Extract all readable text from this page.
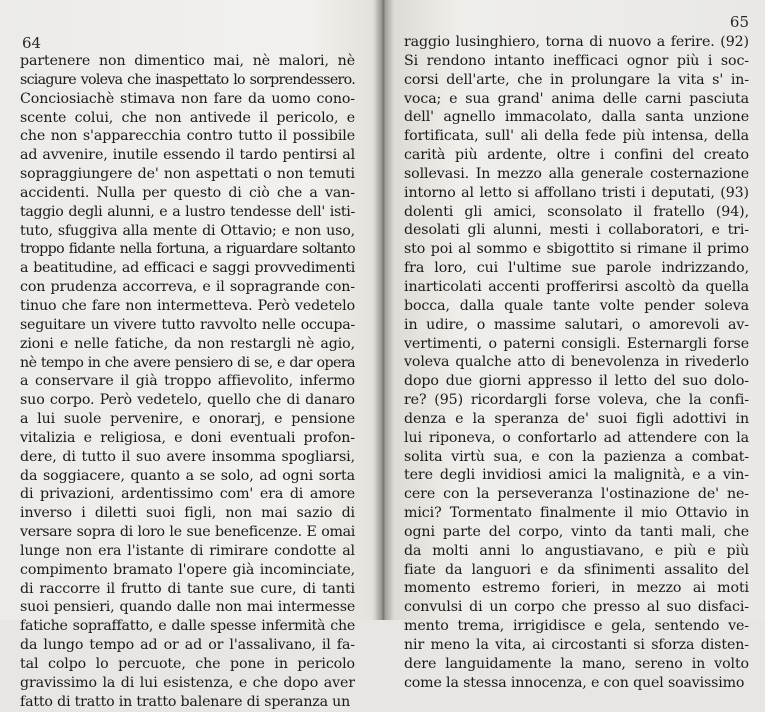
64
partenere non dimentico mai, nè malori, nè
sciagure voleva che inaspettato lo sorprendessero.
Conciosiachè stimava non fare da uomo cono-
scente colui, che non antivede il pericolo, e
che non s'apparecchia contro tutto il possibile
ad avvenire, inutile essendo il tardo pentirsi al
sopraggiungere de' non aspettati o non temuti
accidenti. Nulla per questo di ciò che a van-
taggio degli alunni, e a lustro tendesse dell' isti-
tuto, sfuggiva alla mente di Ottavio; e non uso,
troppo fidante nella fortuna, a riguardare soltanto
a beatitudine, ad efficaci e saggi provvedimenti
con prudenza accorreva, e il sopragrande con-
tinuo che fare non intermetteva. Però vedetelo
seguitare un vivere tutto ravvolto nelle occupa-
zioni e nelle fatiche, da non restargli nè agio,
nè tempo in che avere pensiero di se, e dar opera
a conservare il già troppo affievolito, infermo
suo corpo. Però vedetelo, quello che di danaro
a lui suole pervenire, e onorarj, e pensione
vitalizia e religiosa, e doni eventuali profon-
dere, di tutto il suo avere insomma spogliarsi,
da soggiacere, quanto a se solo, ad ogni sorta
di privazioni, ardentissimo com' era di amore
inverso i diletti suoi figli, non mai sazio di
versare sopra di loro le sue beneficenze. E omai
lunge non era l'istante di rimirare condotte al
compimento bramato l'opere già incominciate,
di raccorre il frutto di tante sue cure, di tanti
suoi pensieri, quando dalle non mai intermesse
fatiche sopraffatto, e dalle spesse infermità che
da lungo tempo ad or ad or l'assalivano, il fa-
tal colpo lo percuote, che pone in pericolo
gravissimo la di lui esistenza, e che dopo aver
fatto di tratto in tratto balenare di speranza un
65
raggio lusinghiero, torna di nuovo a ferire. (92)
Si rendono intanto inefficaci ognor più i soc-
corsi dell'arte, che in prolungare la vita s' in-
voca; e sua grand' anima delle carni pasciuta
dell' agnello immacolato, dalla santa unzione
fortificata, sull' ali della fede più intensa, della
carità più ardente, oltre i confini del creato
sollevasi. In mezzo alla generale costernazione
intorno al letto si affollano tristi i deputati, (93)
dolenti gli amici, sconsolato il fratello (94),
desolati gli alunni, mesti i collaboratori, e tri-
sto poi al sommo e sbigottito si rimane il primo
fra loro, cui l'ultime sue parole indrizzando,
inarticolati accenti profferirsi ascoltò da quella
bocca, dalla quale tante volte pender soleva
in udire, o massime salutari, o amorevoli av-
vertimenti, o paterni consigli. Esternargli forse
voleva qualche atto di benevolenza in rivederlo
dopo due giorni appresso il letto del suo dolo-
re? (95) ricordargli forse voleva, che la confi-
denza e la speranza de' suoi figli adottivi in
lui riponeva, o confortarlo ad attendere con la
solita virtù sua, e con la pazienza a combat-
tere degli invidiosi amici la malignità, e a vin-
cere con la perseveranza l'ostinazione de' ne-
mici? Tormentato finalmente il mio Ottavio in
ogni parte del corpo, vinto da tanti mali, che
da molti anni lo angustiavano, e più e più
fiate da languori e da sfinimenti assalito del
momento estremo forieri, in mezzo ai moti
convulsi di un corpo che presso al suo disfaci-
mento trema, irrigidisce e gela, sentendo ve-
nir meno la vita, ai circostanti si sforza disten-
dere languidamente la mano, sereno in volto
come la stessa innocenza, e con quel soavissimo
